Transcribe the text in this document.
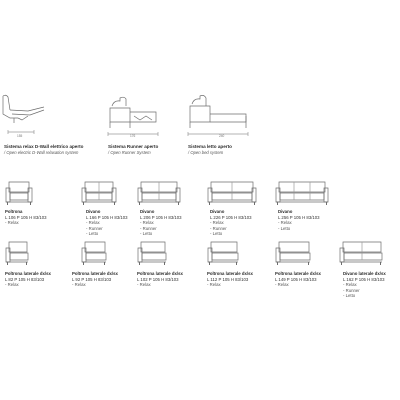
155	176	240
Sistema relax D-Wall elettrico aperto
/ Open electric D-Wall relaxation system
Sistema Runner aperto
/ Open Runner System
Sistema letto aperto
/ Open bed system
Poltrona
L 106 P 105 H 83/103
- Relax
Divano
L 166 P 105 H 83/103
- Relax
- Runner
- Letto
Divano
L 206 P 105 H 83/103
- Relax
- Runner
- Letto
Divano
L 226 P 105 H 83/103
- Relax
- Runner
- Letto
Divano
L 256 P 105 H 83/103
- Relax
- Letto
Poltrona laterale dx/sx
L 82 P 105 H 83/103
- Relax
Poltrona laterale dx/sx
L 92 P 105 H 83/103
- Relax
Poltrona laterale dx/sx
L 102 P 105 H 83/103
- Relax
Poltrona laterale dx/sx
L 112 P 105 H 83/103
- Relax
Poltrona laterale dx/sx
L 149 P 105 H 83/103
- Relax
Divano laterale dx/sx
L 162 P 105 H 83/103
- Relax
- Runner
- Letto
